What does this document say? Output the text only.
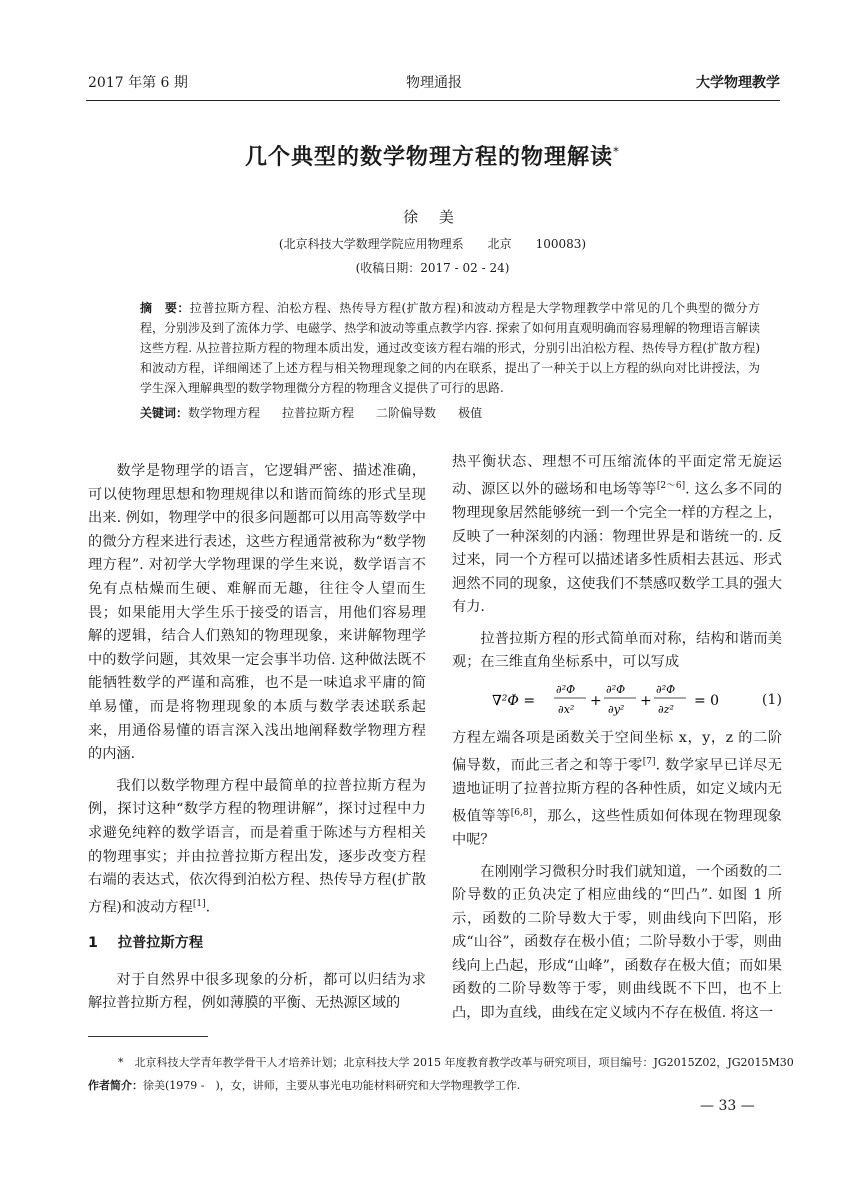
2017 年第 6 期	物理通报	大学物理教学
几个典型的数学物理方程的物理解读*
徐 美
(北京科技大学数理学院应用物理系　　北京　　100083)
(收稿日期：2017 - 02 - 24)
摘　要：拉普拉斯方程、泊松方程、热传导方程(扩散方程)和波动方程是大学物理教学中常见的几个典型的微分方程，分别涉及到了流体力学、电磁学、热学和波动等重点教学内容. 探索了如何用直观明确而容易理解的物理语言解读这些方程. 从拉普拉斯方程的物理本质出发，通过改变该方程右端的形式，分别引出泊松方程、热传导方程(扩散方程)和波动方程，详细阐述了上述方程与相关物理现象之间的内在联系，提出了一种关于以上方程的纵向对比讲授法，为学生深入理解典型的数学物理微分方程的物理含义提供了可行的思路.
关键词：数学物理方程 拉普拉斯方程 二阶偏导数 极值

数学是物理学的语言，它逻辑严密、描述准确，可以使物理思想和物理规律以和谐而简练的形式呈现出来. 例如，物理学中的很多问题都可以用高等数学中的微分方程来进行表述，这些方程通常被称为“数学物理方程”. 对初学大学物理课的学生来说，数学语言不免有点枯燥而生硬、难解而无趣，往往令人望而生畏；如果能用大学生乐于接受的语言，用他们容易理解的逻辑，结合人们熟知的物理现象，来讲解物理学中的数学问题，其效果一定会事半功倍. 这种做法既不能牺牲数学的严谨和高雅，也不是一味追求平庸的简单易懂，而是将物理现象的本质与数学表述联系起来，用通俗易懂的语言深入浅出地阐释数学物理方程的内涵.

我们以数学物理方程中最简单的拉普拉斯方程为例，探讨这种“数学方程的物理讲解”，探讨过程中力求避免纯粹的数学语言，而是着重于陈述与方程相关的物理事实；并由拉普拉斯方程出发，逐步改变方程右端的表达式，依次得到泊松方程、热传导方程(扩散方程)和波动方程[1].

1 拉普拉斯方程

对于自然界中很多现象的分析，都可以归结为求解拉普拉斯方程，例如薄膜的平衡、无热源区域的

热平衡状态、理想不可压缩流体的平面定常无旋运动、源区以外的磁场和电场等等[2～6]. 这么多不同的物理现象居然能够统一到一个完全一样的方程之上，反映了一种深刻的内涵：物理世界是和谐统一的. 反过来，同一个方程可以描述诸多性质相去甚远、形式迥然不同的现象，这使我们不禁感叹数学工具的强大有力.

拉普拉斯方程的形式简单而对称，结构和谐而美观；在三维直角坐标系中，可以写成

∇²Φ =
∂²Φ
∂x²
+
∂²Φ
∂y²
+
∂²Φ
∂z²
= 0	(1)

方程左端各项是函数关于空间坐标 x，y，z 的二阶偏导数，而此三者之和等于零[7]. 数学家早已详尽无遗地证明了拉普拉斯方程的各种性质，如定义域内无极值等等[6,8]，那么，这些性质如何体现在物理现象中呢？

在刚刚学习微积分时我们就知道，一个函数的二阶导数的正负决定了相应曲线的“凹凸”. 如图 1 所示，函数的二阶导数大于零，则曲线向下凹陷，形成“山谷”，函数存在极小值；二阶导数小于零，则曲线向上凸起，形成“山峰”，函数存在极大值；而如果函数的二阶导数等于零，则曲线既不下凹，也不上凸，即为直线，曲线在定义域内不存在极值. 将这一

*　 北京科技大学青年教学骨干人才培养计划；北京科技大学 2015 年度教育教学改革与研究项目，项目编号：JG2015Z02，JG2015M30
作者简介：徐美(1979 -　)，女，讲师，主要从事光电功能材料研究和大学物理教学工作.
— 33 —
